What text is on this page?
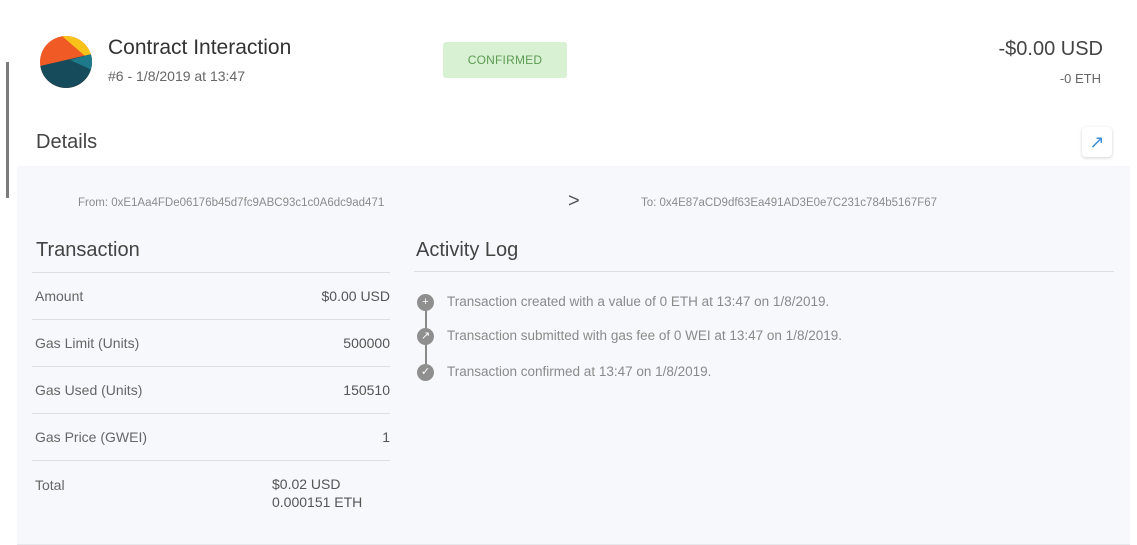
Contract Interaction
#6 - 1/8/2019 at 13:47
CONFIRMED	-$0.00 USD
-0 ETH
Details	↗
From: 0xE1Aa4FDe06176b45d7fc9ABC93c1c0A6dc9ad471	>	To: 0x4E87aCD9df63Ea491AD3E0e7C231c784b5167F67
Transaction
Amount	$0.00 USD
Gas Limit (Units)	500000
Gas Used (Units)	150510
Gas Price (GWEI)	1
Total	$0.02 USD
0.000151 ETH
Activity Log
+	Transaction created with a value of 0 ETH at 13:47 on 1/8/2019.
↗ Transaction submitted with gas fee of 0 WEI at 13:47 on 1/8/2019.
✓ Transaction confirmed at 13:47 on 1/8/2019.
